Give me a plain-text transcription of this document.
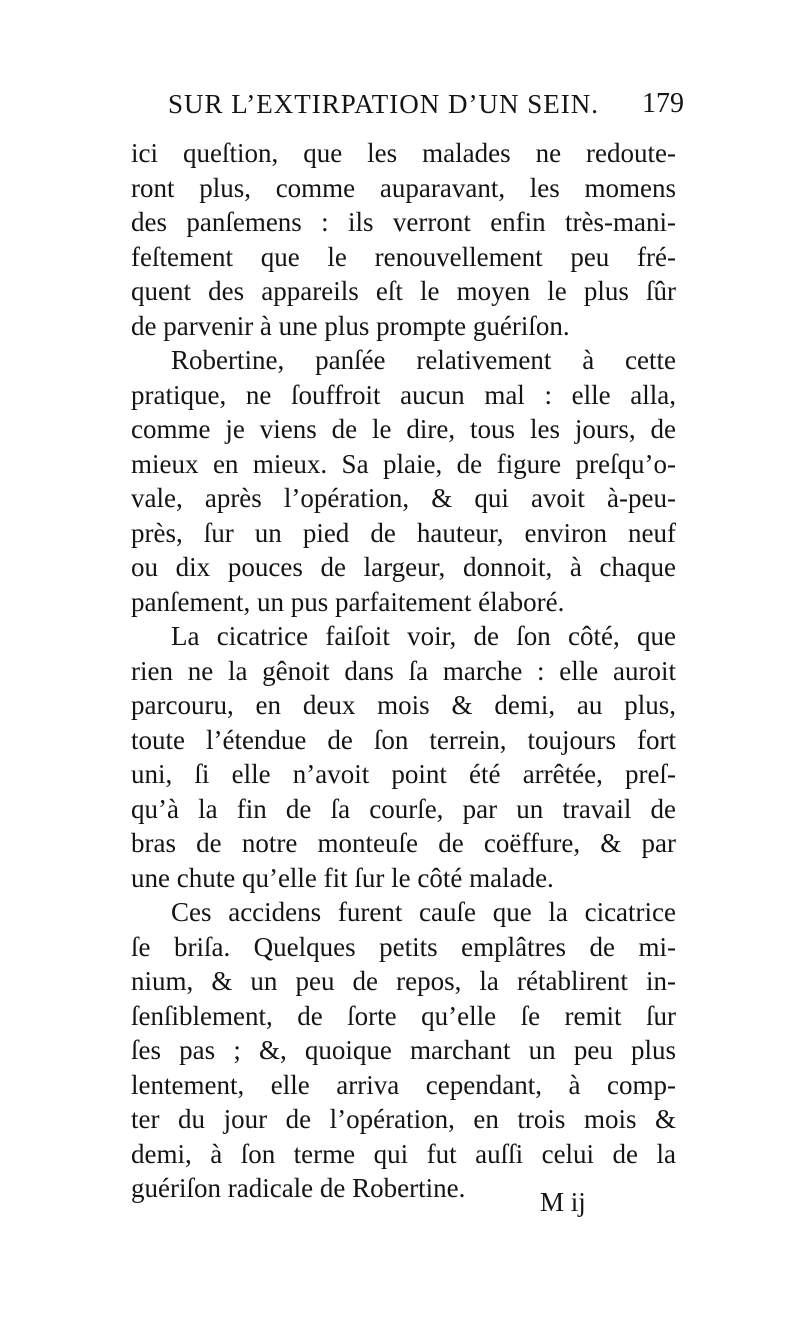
SUR L’EXTIRPATION D’UN SEIN. 179
ici queſtion, que les malades ne redoute-
ront plus, comme auparavant, les momens
des panſemens : ils verront enfin très-mani-
feſtement que le renouvellement peu fré-
quent des appareils eſt le moyen le plus ſûr
de parvenir à une plus prompte guériſon.
Robertine, panſée relativement à cette
pratique, ne ſouffroit aucun mal : elle alla,
comme je viens de le dire, tous les jours, de
mieux en mieux. Sa plaie, de figure preſqu’o-
vale, après l’opération, & qui avoit à-peu-
près, ſur un pied de hauteur, environ neuf
ou dix pouces de largeur, donnoit, à chaque
panſement, un pus parfaitement élaboré.
La cicatrice faiſoit voir, de ſon côté, que
rien ne la gênoit dans ſa marche : elle auroit
parcouru, en deux mois & demi, au plus,
toute l’étendue de ſon terrein, toujours fort
uni, ſi elle n’avoit point été arrêtée, preſ-
qu’à la fin de ſa courſe, par un travail de
bras de notre monteuſe de coëffure, & par
une chute qu’elle fit ſur le côté malade.
Ces accidens furent cauſe que la cicatrice
ſe briſa. Quelques petits emplâtres de mi-
nium, & un peu de repos, la rétablirent in-
ſenſiblement, de ſorte qu’elle ſe remit ſur
ſes pas ; &, quoique marchant un peu plus
lentement, elle arriva cependant, à comp-
ter du jour de l’opération, en trois mois &
demi, à ſon terme qui fut auſſi celui de la
guériſon radicale de Robertine.	M ij
